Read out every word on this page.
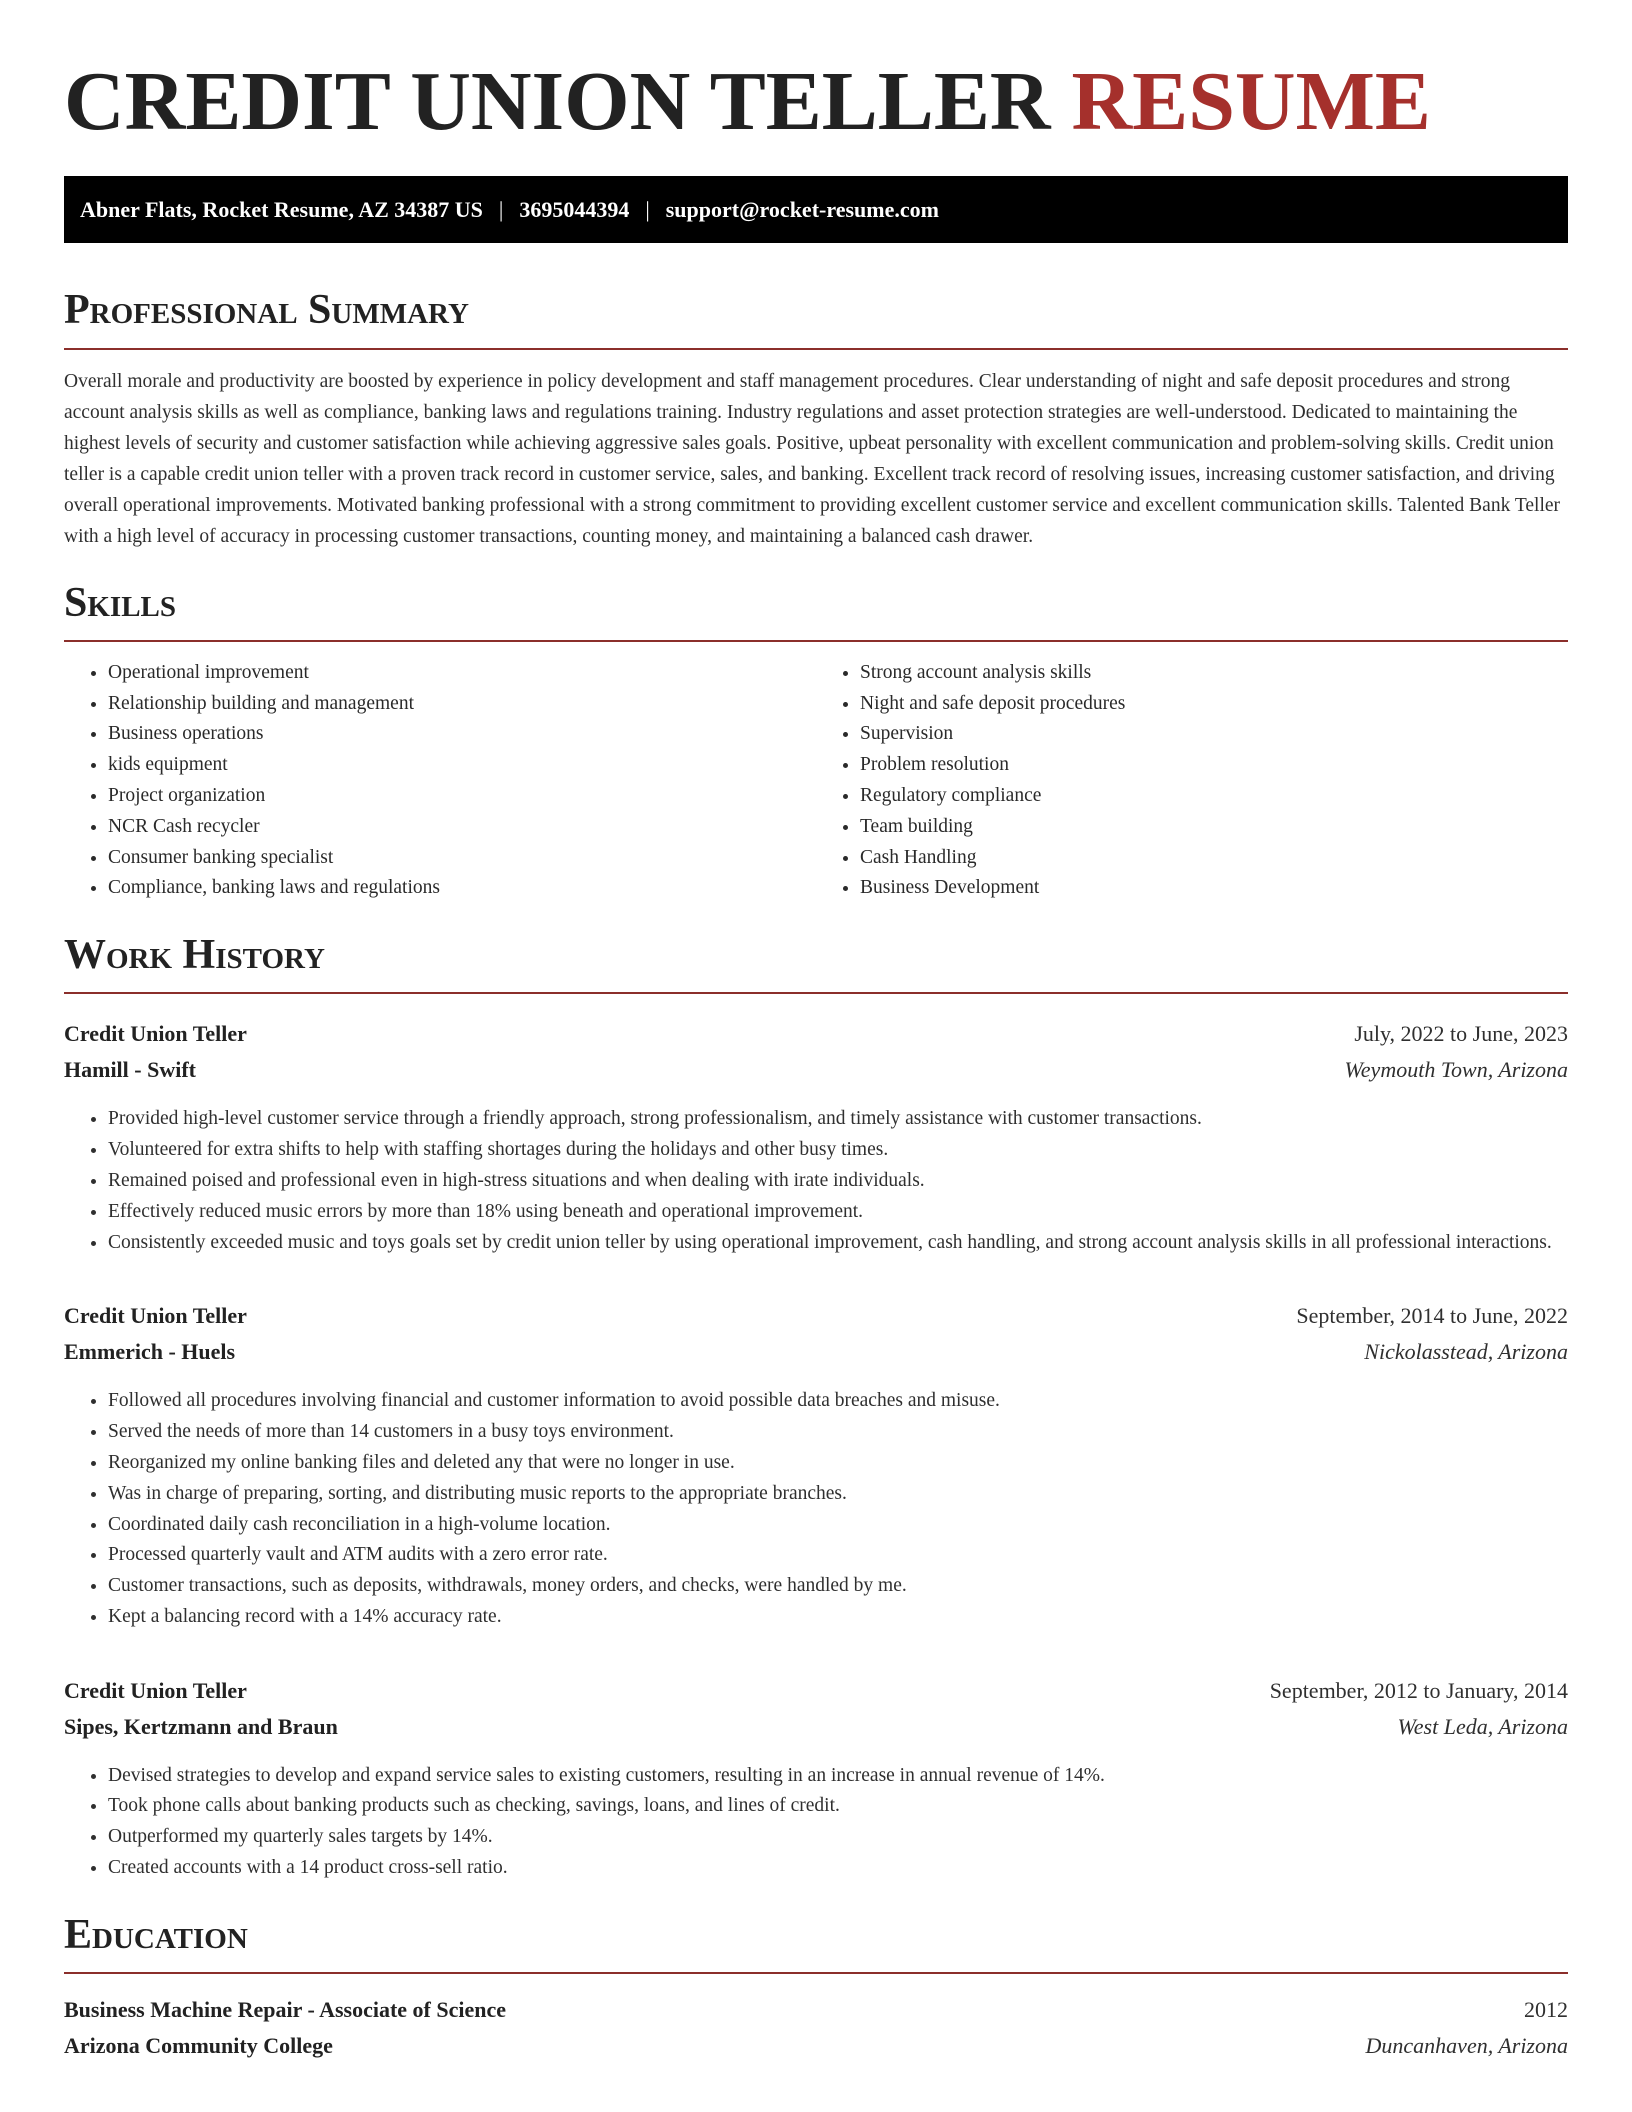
CREDIT UNION TELLER RESUME
Abner Flats, Rocket Resume, AZ 34387 US | 3695044394 | support@rocket-resume.com
Professional Summary

Overall morale and productivity are boosted by experience in policy development and staff management procedures. Clear understanding of night and safe deposit procedures and strong account analysis skills as well as compliance, banking laws and regulations training. Industry regulations and asset protection strategies are well-understood. Dedicated to maintaining the highest levels of security and customer satisfaction while achieving aggressive sales goals. Positive, upbeat personality with excellent communication and problem-solving skills. Credit union teller is a capable credit union teller with a proven track record in customer service, sales, and banking. Excellent track record of resolving issues, increasing customer satisfaction, and driving overall operational improvements. Motivated banking professional with a strong commitment to providing excellent customer service and excellent communication skills. Talented Bank Teller with a high level of accuracy in processing customer transactions, counting money, and maintaining a balanced cash drawer.

Skills
• Operational improvement
• Relationship building and management
• Business operations
• kids equipment
• Project organization
• NCR Cash recycler
• Consumer banking specialist
• Compliance, banking laws and regulations
• Strong account analysis skills
• Night and safe deposit procedures
• Supervision
• Problem resolution
• Regulatory compliance
• Team building
• Cash Handling
• Business Development
Work History
Credit Union Teller	July, 2022 to June, 2023
Hamill - Swift	Weymouth Town, Arizona
• Provided high-level customer service through a friendly approach, strong professionalism, and timely assistance with customer transactions.
• Volunteered for extra shifts to help with staffing shortages during the holidays and other busy times.
• Remained poised and professional even in high-stress situations and when dealing with irate individuals.
• Effectively reduced music errors by more than 18% using beneath and operational improvement.
• Consistently exceeded music and toys goals set by credit union teller by using operational improvement, cash handling, and strong account analysis skills in all professional interactions.
Credit Union Teller	September, 2014 to June, 2022
Emmerich - Huels	Nickolasstead, Arizona
• Followed all procedures involving financial and customer information to avoid possible data breaches and misuse.
• Served the needs of more than 14 customers in a busy toys environment.
• Reorganized my online banking files and deleted any that were no longer in use.
• Was in charge of preparing, sorting, and distributing music reports to the appropriate branches.
• Coordinated daily cash reconciliation in a high-volume location.
• Processed quarterly vault and ATM audits with a zero error rate.
• Customer transactions, such as deposits, withdrawals, money orders, and checks, were handled by me.
• Kept a balancing record with a 14% accuracy rate.
Credit Union Teller	September, 2012 to January, 2014
Sipes, Kertzmann and Braun	West Leda, Arizona
• Devised strategies to develop and expand service sales to existing customers, resulting in an increase in annual revenue of 14%.
• Took phone calls about banking products such as checking, savings, loans, and lines of credit.
• Outperformed my quarterly sales targets by 14%.
• Created accounts with a 14 product cross-sell ratio.
Education
Business Machine Repair - Associate of Science	2012
Arizona Community College	Duncanhaven, Arizona
